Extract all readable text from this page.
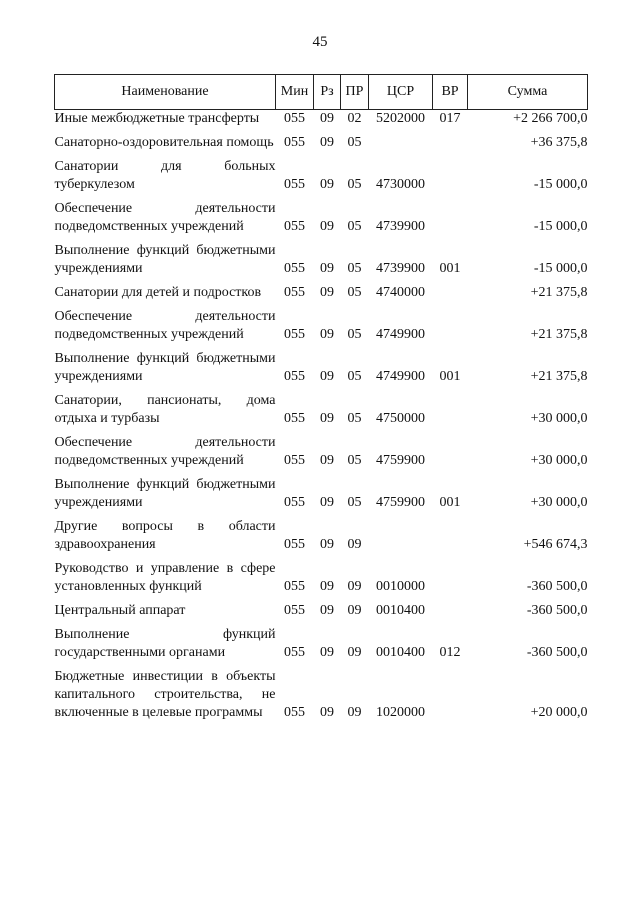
45
Наименование	Мин	Рз	ПР	ЦСР	ВР	Сумма

Иные межбюджетные трансферты	055	09	02	5202000	017	+2 266 700,0

Санаторно-оздоровительная помощь	055	09	05			+36 375,8

Санатории для больных туберкулезом	055	09	05	4730000		-15 000,0

Обеспечение деятельности подведомственных учреждений	055	09	05	4739900		-15 000,0

Выполнение функций бюджетными учреждениями	055	09	05	4739900	001	-15 000,0

Санатории для детей и подростков	055	09	05	4740000		+21 375,8

Обеспечение деятельности подведомственных учреждений	055	09	05	4749900		+21 375,8

Выполнение функций бюджетными учреждениями	055	09	05	4749900	001	+21 375,8

Санатории, пансионаты, дома отдыха и турбазы	055	09	05	4750000		+30 000,0

Обеспечение деятельности подведомственных учреждений	055	09	05	4759900		+30 000,0

Выполнение функций бюджетными учреждениями	055	09	05	4759900	001	+30 000,0

Другие вопросы в области здравоохранения	055	09	09			+546 674,3

Руководство и управление в сфере установленных функций	055	09	09	0010000		-360 500,0

Центральный аппарат	055	09	09	0010400		-360 500,0

Выполнение функций государственными органами	055	09	09	0010400	012	-360 500,0

Бюджетные инвестиции в объекты капитального строительства, не включенные в целевые программы	055	09	09	1020000		+20 000,0
